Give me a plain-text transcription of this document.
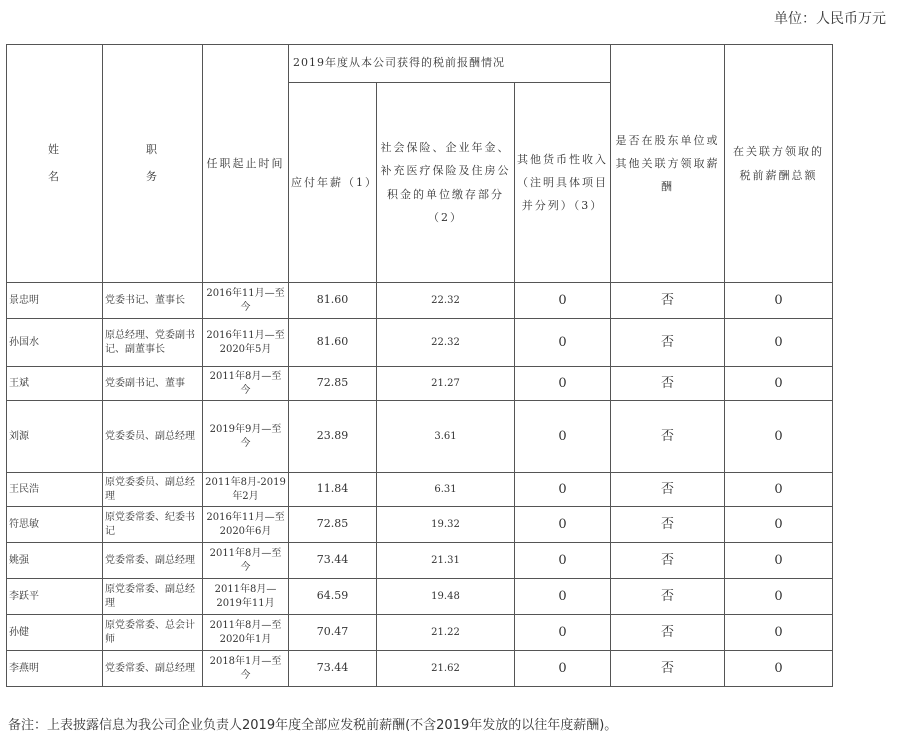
单位：人民币万元
姓名	职务	任职起止时间	2019年度从本公司获得的税前报酬情况			是否在股东单位或其他关联方领取薪酬	在关联方领取的税前薪酬总额
			应付年薪（1）	社会保险、企业年金、补充医疗保险及住房公积金的单位缴存部分（2）	其他货币性收入（注明具体项目并分列）（3）		
景忠明	党委书记、董事长	2016年11月—至今	81.60	22.32	0	否	0
孙国水	原总经理、党委副书记、副董事长	2016年11月—至2020年5月	81.60	22.32	0	否	0
王斌	党委副书记、董事	2011年8月—至今	72.85	21.27	0	否	0
刘源	党委委员、副总经理	2019年9月—至今	23.89	3.61	0	否	0
王民浩	原党委委员、副总经理	2011年8月-2019年2月	11.84	6.31	0	否	0
符思敏	原党委常委、纪委书记	2016年11月—至2020年6月	72.85	19.32	0	否	0
姚强	党委常委、副总经理	2011年8月—至今	73.44	21.31	0	否	0
李跃平	原党委常委、副总经理	2011年8月—2019年11月	64.59	19.48	0	否	0
孙健	原党委常委、总会计师	2011年8月—至2020年1月	70.47	21.22	0	否	0
李燕明	党委常委、副总经理	2018年1月—至今	73.44	21.62	0	否	0
备注：上表披露信息为我公司企业负责人2019年度全部应发税前薪酬(不含2019年发放的以往年度薪酬)。
